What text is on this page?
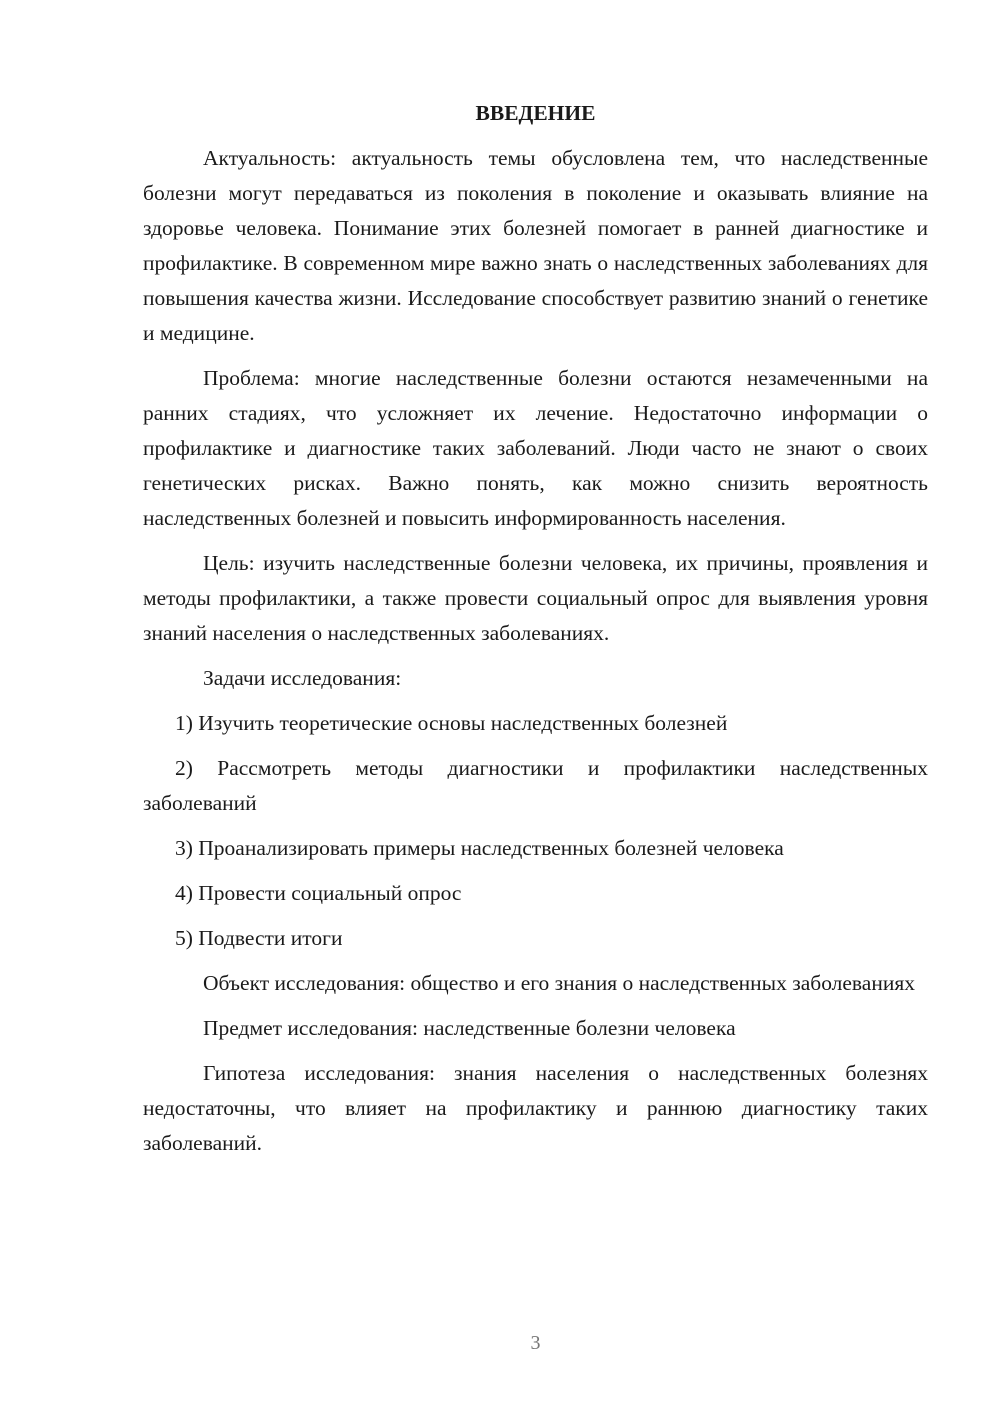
ВВЕДЕНИЕ

Актуальность: актуальность темы обусловлена тем, что наследственные болезни могут передаваться из поколения в поколение и оказывать влияние на здоровье человека. Понимание этих болезней помогает в ранней диагностике и профилактике. В современном мире важно знать о наследственных заболеваниях для повышения качества жизни. Исследование способствует развитию знаний о генетике и медицине.

Проблема: многие наследственные болезни остаются незамеченными на ранних стадиях, что усложняет их лечение. Недостаточно информации о профилактике и диагностике таких заболеваний. Люди часто не знают о своих генетических рисках. Важно понять, как можно снизить вероятность наследственных болезней и повысить информированность населения.

Цель: изучить наследственные болезни человека, их причины, проявления и методы профилактики, а также провести социальный опрос для выявления уровня знаний населения о наследственных заболеваниях.

Задачи исследования:

1) Изучить теоретические основы наследственных болезней

2) Рассмотреть методы диагностики и профилактики наследственных заболеваний

3) Проанализировать примеры наследственных болезней человека

4) Провести социальный опрос

5) Подвести итоги

Объект исследования: общество и его знания о наследственных заболеваниях

Предмет исследования: наследственные болезни человека

Гипотеза исследования: знания населения о наследственных болезнях недостаточны, что влияет на профилактику и раннюю диагностику таких заболеваний.

3
